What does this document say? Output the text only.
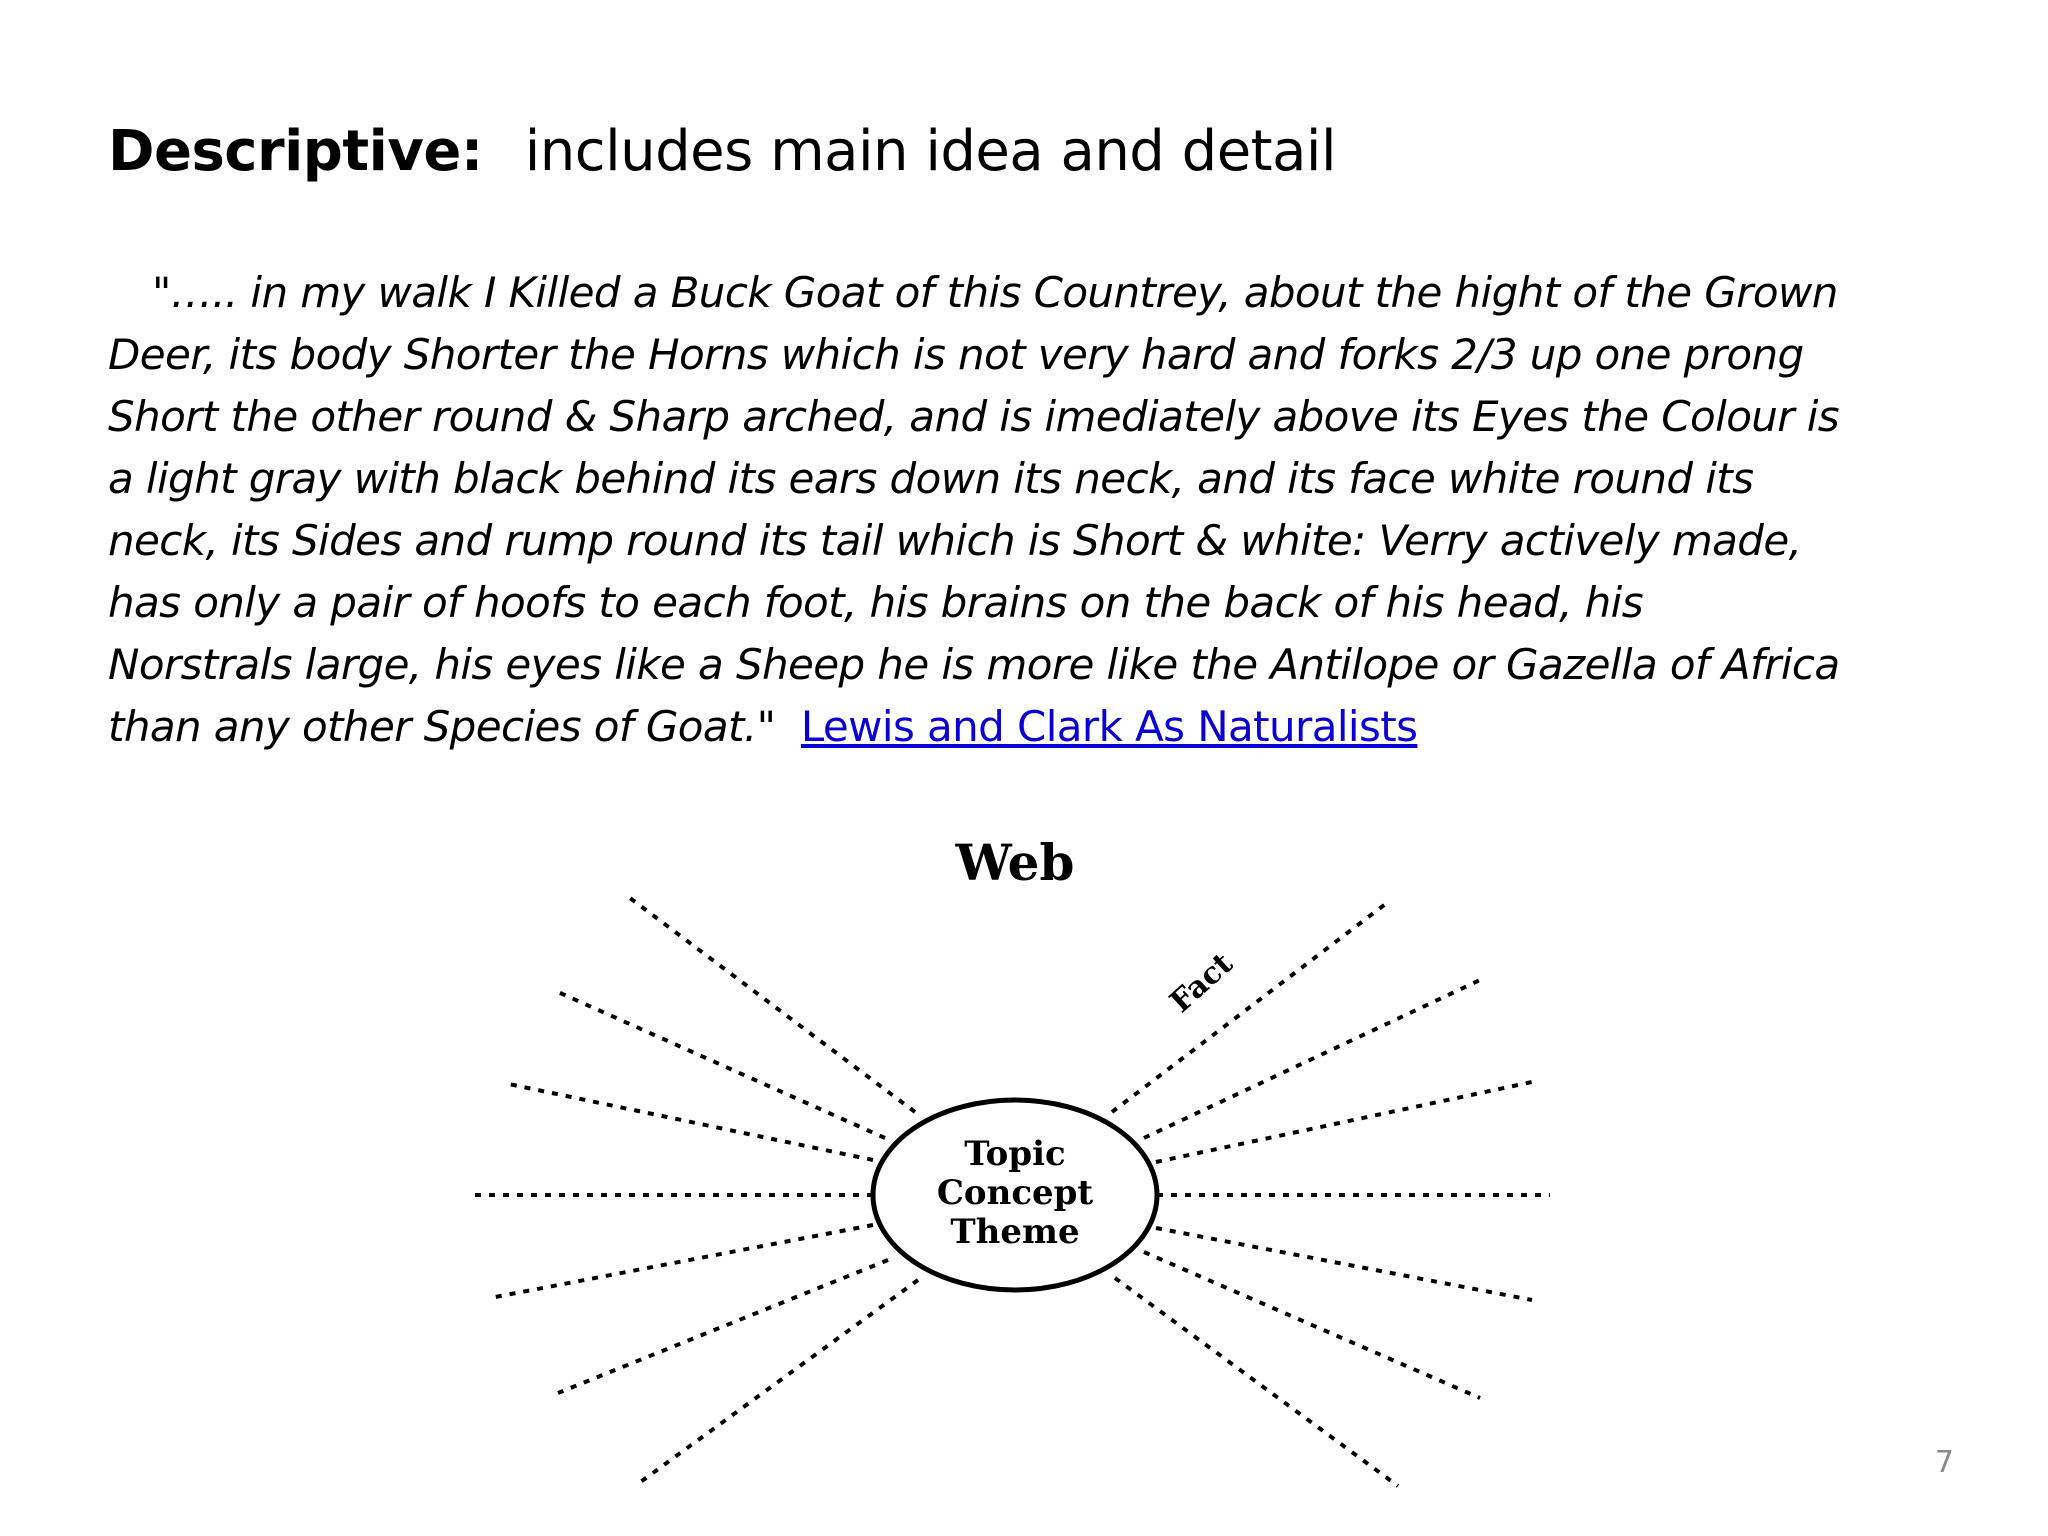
Descriptive: includes main idea and detail
"….. in my walk I Killed a Buck Goat of this Countrey, about the hight of the Grown
Deer, its body Shorter the Horns which is not very hard and forks 2/3 up one prong
Short the other round & Sharp arched, and is imediately above its Eyes the Colour is
a light gray with black behind its ears down its neck, and its face white round its
neck, its Sides and rump round its tail which is Short & white: Verry actively made,
has only a pair of hoofs to each foot, his brains on the back of his head, his
Norstrals large, his eyes like a Sheep he is more like the Antilope or Gazella of Africa
than any other Species of Goat." Lewis and Clark As Naturalists
Web
Fact
Topic
Concept
Theme
7
